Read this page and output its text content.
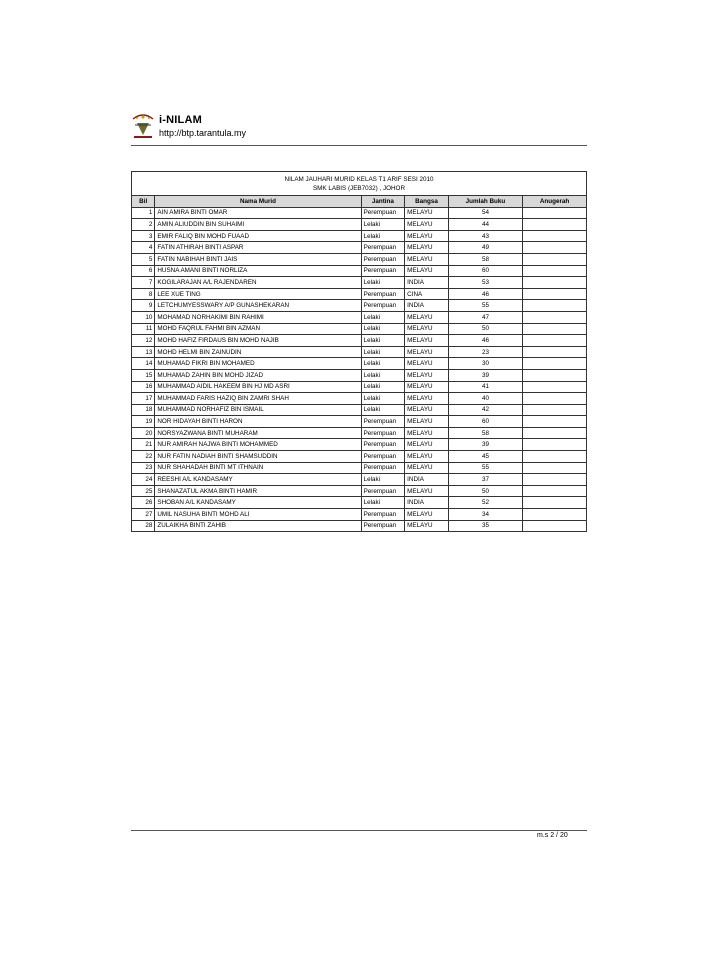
i-NILAM
http://btp.tarantula.my
NILAM JAUHARI MURID KELAS T1 ARIF SESI 2010
SMK LABIS (JEB7032) , JOHOR					

Bil	Nama Murid	Jantina	Bangsa	Jumlah Buku	Anugerah
1	AIN AMIRA BINTI OMAR	Perempuan	MELAYU	54	
2	AMIN ALIUDDIN BIN SUHAIMI	Lelaki	MELAYU	44	
3	EMIR FALIQ BIN MOHD FUAAD	Lelaki	MELAYU	43	
4	FATIN ATHIRAH BINTI ASPAR	Perempuan	MELAYU	49	
5	FATIN NABIHAH BINTI JAIS	Perempuan	MELAYU	58	
6	HUSNA AMANI BINTI NORLIZA	Perempuan	MELAYU	60	
7	KOGILARAJAN A/L RAJENDAREN	Lelaki	INDIA	53	
8	LEE XUE TING	Perempuan	CINA	46	
9	LETCHUMYESSWARY A/P GUNASHEKARAN	Perempuan	INDIA	55	
10	MOHAMAD NORHAKIMI BIN RAHIMI	Lelaki	MELAYU	47	
11	MOHD FAQRUL FAHMI BIN AZMAN	Lelaki	MELAYU	50	
12	MOHD HAFIZ FIRDAUS BIN MOHD NAJIB	Lelaki	MELAYU	46	
13	MOHD HELMI BIN ZAINUDIN	Lelaki	MELAYU	23	
14	MUHAMAD FIKRI BIN MOHAMED	Lelaki	MELAYU	30	
15	MUHAMAD ZAHIN BIN MOHD JIZAD	Lelaki	MELAYU	39	
16	MUHAMMAD AIDIL HAKEEM BIN HJ MD ASRI	Lelaki	MELAYU	41	
17	MUHAMMAD FARIS HAZIQ BIN ZAMRI SHAH	Lelaki	MELAYU	40	
18	MUHAMMAD NORHAFIZ BIN ISMAIL	Lelaki	MELAYU	42	
19	NOR HIDAYAH BINTI HARON	Perempuan	MELAYU	60	
20	NORSYAZWANA BINTI MUHARAM	Perempuan	MELAYU	58	
21	NUR AMIRAH NAJWA BINTI MOHAMMED	Perempuan	MELAYU	39	
22	NUR FATIN NADIAH BINTI SHAMSUDDIN	Perempuan	MELAYU	45	
23	NUR SHAHADAH BINTI MT ITHNAIN	Perempuan	MELAYU	55	
24	REESHI A/L KANDASAMY	Lelaki	INDIA	37	
25	SHANAZATUL AKMA BINTI HAMIR	Perempuan	MELAYU	50	
26	SHOBAN A/L KANDASAMY	Lelaki	INDIA	52	
27	UMIL NASUHA BINTI MOHD ALI	Perempuan	MELAYU	34	
28	ZULAIKHA BINTI ZAHIB	Perempuan	MELAYU	35	
m.s 2 / 20
